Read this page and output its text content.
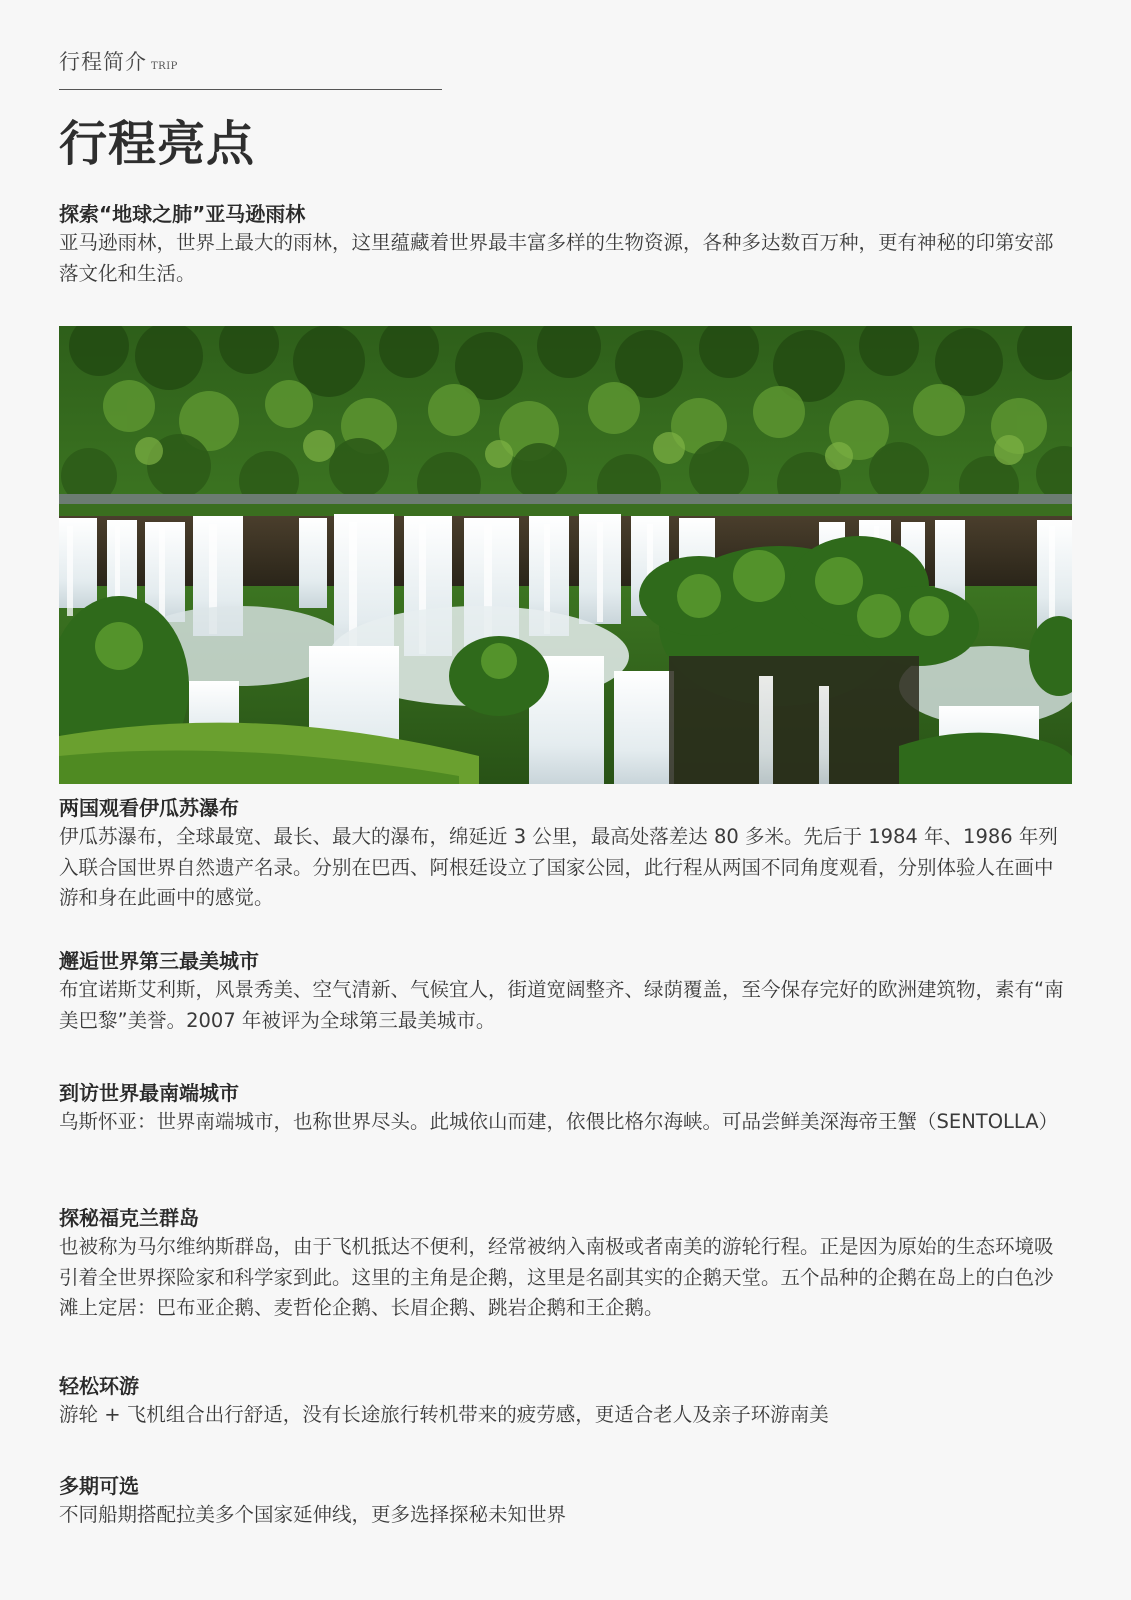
行程简介 TRIP
行程亮点

探索“地球之肺”亚马逊雨林

亚马逊雨林，世界上最大的雨林，这里蕴藏着世界最丰富多样的生物资源，各种多达数百万种，更有神秘的印第安部落文化和生活。

两国观看伊瓜苏瀑布

伊瓜苏瀑布，全球最宽、最长、最大的瀑布，绵延近 3 公里，最高处落差达 80 多米。先后于 1984 年、1986 年列入联合国世界自然遗产名录。分别在巴西、阿根廷设立了国家公园，此行程从两国不同角度观看，分别体验人在画中游和身在此画中的感觉。

邂逅世界第三最美城市

布宜诺斯艾利斯，风景秀美、空气清新、气候宜人，街道宽阔整齐、绿荫覆盖，至今保存完好的欧洲建筑物，素有“南美巴黎”美誉。2007 年被评为全球第三最美城市。

到访世界最南端城市

乌斯怀亚：世界南端城市，也称世界尽头。此城依山而建，依偎比格尔海峡。可品尝鲜美深海帝王蟹（SENTOLLA）

探秘福克兰群岛

也被称为马尔维纳斯群岛，由于飞机抵达不便利，经常被纳入南极或者南美的游轮行程。正是因为原始的生态环境吸引着全世界探险家和科学家到此。这里的主角是企鹅，这里是名副其实的企鹅天堂。五个品种的企鹅在岛上的白色沙滩上定居：巴布亚企鹅、麦哲伦企鹅、长眉企鹅、跳岩企鹅和王企鹅。

轻松环游

游轮 + 飞机组合出行舒适，没有长途旅行转机带来的疲劳感，更适合老人及亲子环游南美

多期可选

不同船期搭配拉美多个国家延伸线，更多选择探秘未知世界
